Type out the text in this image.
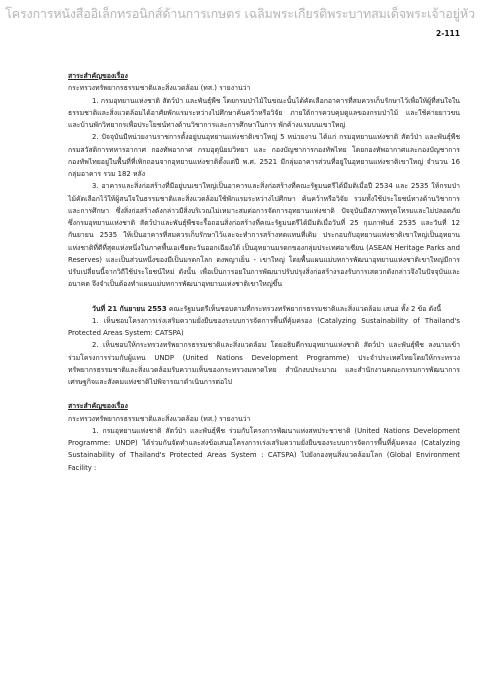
โครงการหนังสืออิเล็กทรอนิกส์ด้านการเกษตร เฉลิมพระเกียรติพระบาทสมเด็จพระเจ้าอยู่หัว
2-111

สาระสำคัญของเรื่อง

กระทรวงทรัพยากรธรรมชาติและสิ่งแวดล้อม (ทส.) รายงานว่า

1. กรมอุทยานแห่งชาติ สัตว์ป่า และพันธุ์พืช โดยกรมป่าไม้ในขณะนั้นได้คัดเลือกอาคารที่สมควรเก็บรักษาไว้เพื่อให้ผู้ที่สนใจในธรรมชาติและสิ่งแวดล้อมได้อาศัยพักแรมระหว่างไปศึกษาค้นคว้าหรือวิจัย ภายใต้การควบคุมดูแลของกรมป่าไม้ และใช้ค่ายยาวขนและบ้านพักวิทยากรเพื่อประโยชน์ทางด้านวิชาการและการศึกษาในการ พักค้างแรมบนเขาใหญ่

2. ปัจจุบันมีหน่วยงานราชการตั้งอยู่บนอุทยานแห่งชาติเขาใหญ่ 5 หน่วยงาน ได้แก่ กรมอุทยานแห่งชาติ สัตว์ป่า และพันธุ์พืช กรมสวัสดิการทหารอากาศ กองทัพอากาศ กรมอุตุนิยมวิทยา และ กองบัญชาการกองทัพไทย โดยกองทัพอากาศและกองบัญชาการกองทัพไทยอยู่ในพื้นที่ที่เพิกถอนจากอุทยานแห่งชาติตั้งแต่ปี พ.ศ. 2521 มีกลุ่มอาคารส่วนที่อยู่ในอุทยานแห่งชาติเขาใหญ่ จำนวน 16 กลุ่มอาคาร รวม 182 หลัง

3. อาคารและสิ่งก่อสร้างที่มีอยู่บนเขาใหญ่เป็นอาคารและสิ่งก่อสร้างที่คณะรัฐมนตรีได้มีมติเมื่อปี 2534 และ 2535 ให้กรมป่าไม้คัดเลือกไว้ให้ผู้สนใจในธรรมชาติและสิ่งแวดล้อมใช้พักแรมระหว่างไปศึกษา ค้นคว้าหรือวิจัย รวมทั้งใช้ประโยชน์ทางด้านวิชาการและการศึกษา ซึ่งสิ่งก่อสร้างดังกล่าวมีสิ่งบริเวณไม่เหมาะสมต่อการจัดการอุทยานแห่งชาติ ปัจจุบันมีสภาพทรุดโทรมและไม่ปลอดภัย ซึ่งกรมอุทยานแห่งชาติ สัตว์ป่าและพันธุ์พืชจะรื้อถอนสิ่งก่อสร้างที่คณะรัฐมนตรีได้มีมติเมื่อวันที่ 25 กุมภาพันธ์ 2535 และวันที่ 12 กันยายน 2535 ให้เป็นอาคารที่สมควรเก็บรักษาไว้และจะทำการสร้างทดแทนที่เดิม ประกอบกับอุทยานแห่งชาติเขาใหญ่เป็นอุทยานแห่งชาติที่ดีที่สุดแห่งหนึ่งในภาคพื้นเอเชียตะวันออกเฉียงใต้ เป็นอุทยานมรดกของกลุ่มประเทศอาเซียน (ASEAN Heritage Parks and Reserves) และเป็นส่วนหนึ่งของมีเป็นมรดกโลก ดงพญาเย็น - เขาใหญ่ โดยพื้นแผนแม่บทการพัฒนาอุทยานแห่งชาติเขาใหญ่มีการปรับเปลี่ยนนี้จากวิถีใช้ประโยชน์ใหม่ ดังนั้น เพื่อเป็นการอยในการพัฒนาปรับปรุงสิ่งก่อสร้างรองรับการเสดวกดังกล่าวจึงในปัจจุบันและอนาคต จึงจำเป็นต้องทำแผนแม่บทการพัฒนาอุทยานแห่งชาติเขาใหญ่ขึ้น

วันที่ 21 กันยายน 2553 คณะรัฐมนตรีเห็นชอบตามที่กระทรวงทรัพยากรธรรมชาติและสิ่งแวดล้อม เสนอ ทั้ง 2 ข้อ ดังนี้

1. เห็นชอบโครงการเร่งเสริมความยั่งยืนของระบบการจัดการพื้นที่คุ้มครอง (Catalyzing Sustainability of Thailand's Protected Areas System: CATSPA)

2. เห็นชอบให้กระทรวงทรัพยากรธรรมชาติและสิ่งแวดล้อม โดยอธิบดีกรมอุทยานแห่งชาติ สัตว์ป่า และพันธุ์พืช ลงนามเข้าร่วมโครงการร่วมกับผู้แทน UNDP (United Nations Development Programme) ประจำประเทศไทยโดยให้กระทรวงทรัพยากรธรรมชาติและสิ่งแวดล้อมรับความเห็นของกระทรวงมหาดไทย สำนักงบประมาณ และสำนักงานคณะกรรมการพัฒนาการเศรษฐกิจและสังคมแห่งชาติไปพิจารณาดำเนินการต่อไป

สาระสำคัญของเรื่อง

กระทรวงทรัพยากรธรรมชาติและสิ่งแวดล้อม (ทส.) รายงานว่า

1. กรมอุทยานแห่งชาติ สัตว์ป่า และพันธุ์พืช ร่วมกับโครงการพัฒนาแห่งสหประชาชาติ (United Nations Development Programme: UNDP) ได้ร่วมกันจัดทำและส่งข้อเสนอโครงการเร่งเสริมความยั่งยืนของระบบการจัดการพื้นที่คุ้มครอง (Catalyzing Sustainability of Thailand's Protected Areas System : CATSPA) ไปยังกองทุนสิ่งแวดล้อมโลก (Global Environment Facility :
